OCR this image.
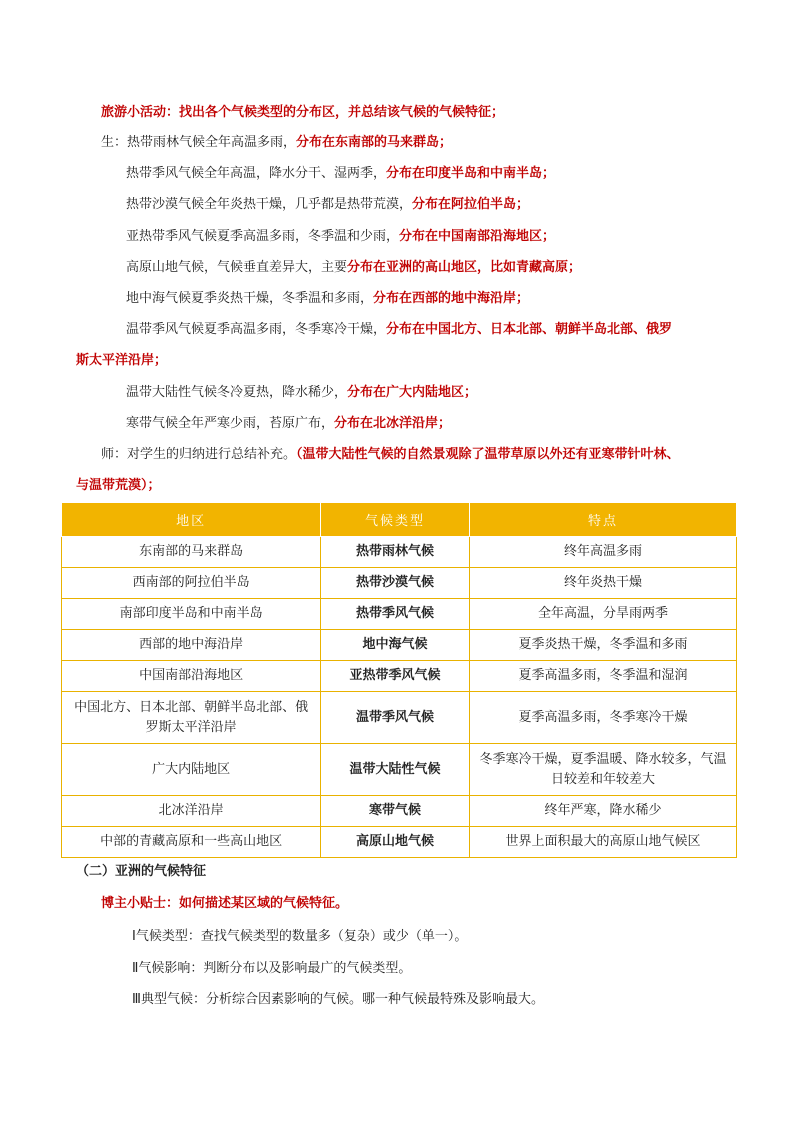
旅游小活动：找出各个气候类型的分布区，并总结该气候的气候特征；
生：热带雨林气候全年高温多雨，分布在东南部的马来群岛；
热带季风气候全年高温，降水分干、湿两季，分布在印度半岛和中南半岛；
热带沙漠气候全年炎热干燥，几乎都是热带荒漠，分布在阿拉伯半岛；
亚热带季风气候夏季高温多雨，冬季温和少雨，分布在中国南部沿海地区；
高原山地气候，气候垂直差异大，主要分布在亚洲的高山地区，比如青藏高原；
地中海气候夏季炎热干燥，冬季温和多雨，分布在西部的地中海沿岸；
温带季风气候夏季高温多雨，冬季寒冷干燥，分布在中国北方、日本北部、朝鲜半岛北部、俄罗
斯太平洋沿岸；
温带大陆性气候冬冷夏热，降水稀少，分布在广大内陆地区；
寒带气候全年严寒少雨，苔原广布，分布在北冰洋沿岸；
师：对学生的归纳进行总结补充。（温带大陆性气候的自然景观除了温带草原以外还有亚寒带针叶林、
与温带荒漠）；
地区	气候类型	特点
东南部的马来群岛	热带雨林气候	终年高温多雨
西南部的阿拉伯半岛	热带沙漠气候	终年炎热干燥
南部印度半岛和中南半岛	热带季风气候	全年高温，分旱雨两季
西部的地中海沿岸	地中海气候	夏季炎热干燥，冬季温和多雨
中国南部沿海地区	亚热带季风气候	夏季高温多雨，冬季温和湿润
中国北方、日本北部、朝鲜半岛北部、俄罗斯太平洋沿岸	温带季风气候	夏季高温多雨，冬季寒冷干燥
广大内陆地区	温带大陆性气候	冬季寒冷干燥，夏季温暖、降水较多，气温日较差和年较差大
北冰洋沿岸	寒带气候	终年严寒，降水稀少
中部的青藏高原和一些高山地区	高原山地气候	世界上面积最大的高原山地气候区
（二）亚洲的气候特征
博主小贴士：如何描述某区域的气候特征。
Ⅰ气候类型：查找气候类型的数量多（复杂）或少（单一）。
Ⅱ气候影响：判断分布以及影响最广的气候类型。
Ⅲ典型气候：分析综合因素影响的气候。哪一种气候最特殊及影响最大。
